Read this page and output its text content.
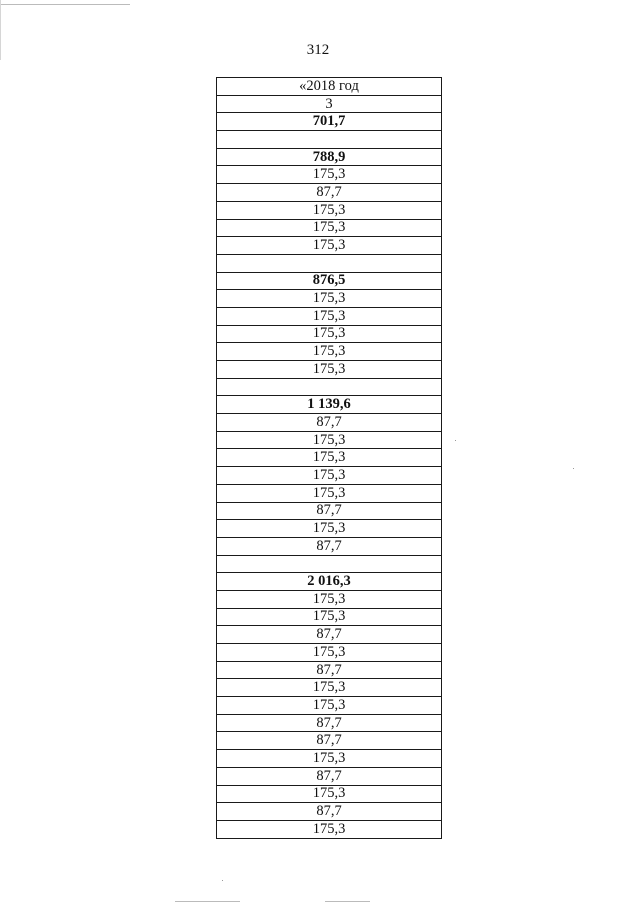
312
«2018 год
3
701,7

788,9
175,3
87,7
175,3
175,3
175,3

876,5
175,3
175,3
175,3
175,3
175,3

1 139,6
87,7
175,3
175,3
175,3
175,3
87,7
175,3
87,7

2 016,3
175,3
175,3
87,7
175,3
87,7
175,3
175,3
87,7
87,7
175,3
87,7
175,3
87,7
175,3
